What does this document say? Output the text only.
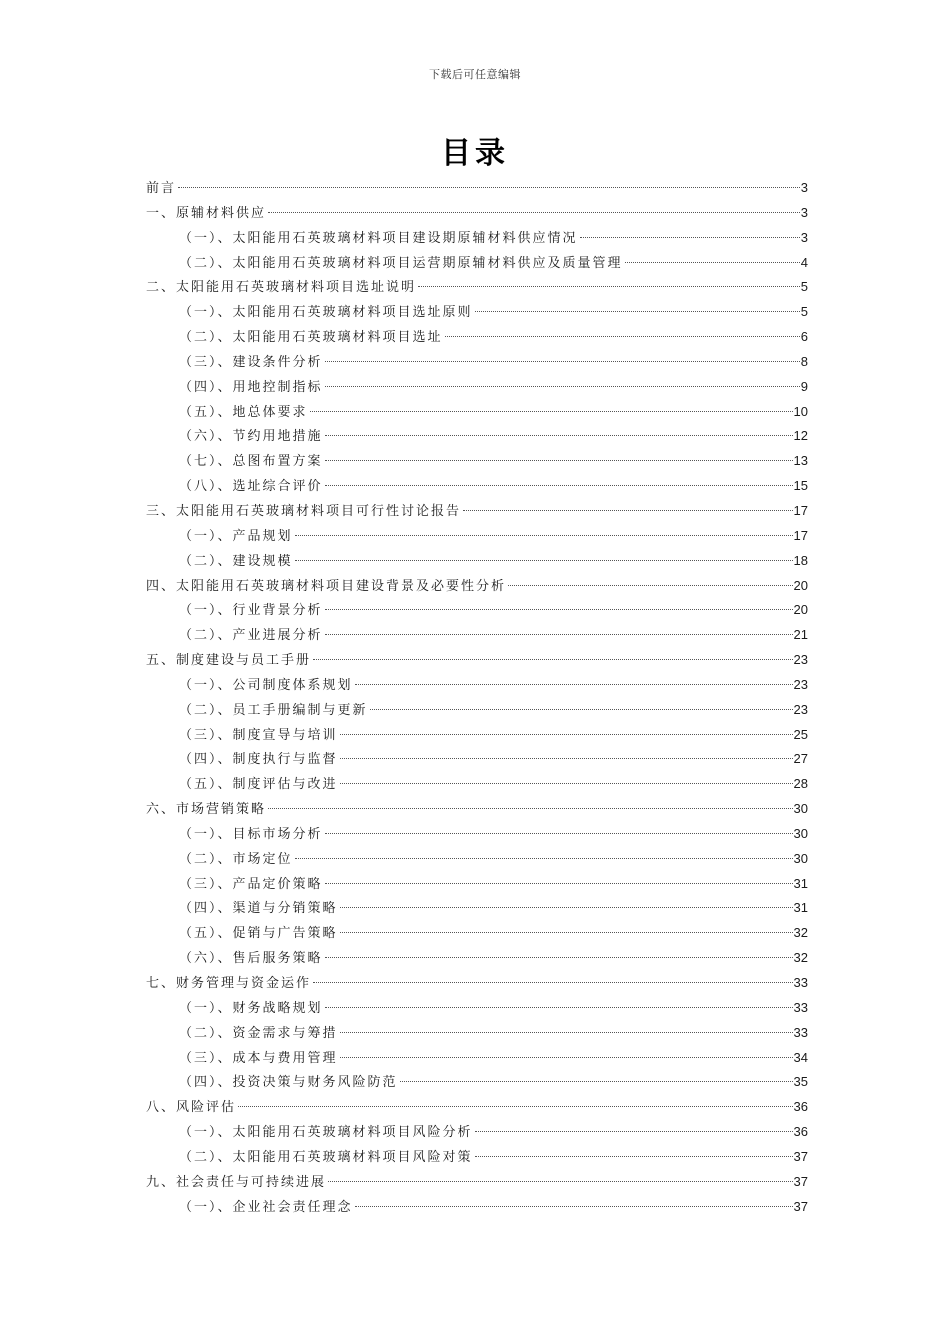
下载后可任意编辑
目录
前言	3
一、原辅材料供应	3
（一）、太阳能用石英玻璃材料项目建设期原辅材料供应情况	3
（二）、太阳能用石英玻璃材料项目运营期原辅材料供应及质量管理	4
二、太阳能用石英玻璃材料项目选址说明	5
（一）、太阳能用石英玻璃材料项目选址原则	5
（二）、太阳能用石英玻璃材料项目选址	6
（三）、建设条件分析	8
（四）、用地控制指标	9
（五）、地总体要求	10
（六）、节约用地措施	12
（七）、总图布置方案	13
（八）、选址综合评价	15
三、太阳能用石英玻璃材料项目可行性讨论报告	17
（一）、产品规划	17
（二）、建设规模	18
四、太阳能用石英玻璃材料项目建设背景及必要性分析	20
（一）、行业背景分析	20
（二）、产业进展分析	21
五、制度建设与员工手册	23
（一）、公司制度体系规划	23
（二）、员工手册编制与更新	23
（三）、制度宣导与培训	25
（四）、制度执行与监督	27
（五）、制度评估与改进	28
六、市场营销策略	30
（一）、目标市场分析	30
（二）、市场定位	30
（三）、产品定价策略	31
（四）、渠道与分销策略	31
（五）、促销与广告策略	32
（六）、售后服务策略	32
七、财务管理与资金运作	33
（一）、财务战略规划	33
（二）、资金需求与筹措	33
（三）、成本与费用管理	34
（四）、投资决策与财务风险防范	35
八、风险评估	36
（一）、太阳能用石英玻璃材料项目风险分析	36
（二）、太阳能用石英玻璃材料项目风险对策	37
九、社会责任与可持续进展	37
（一）、企业社会责任理念	37
